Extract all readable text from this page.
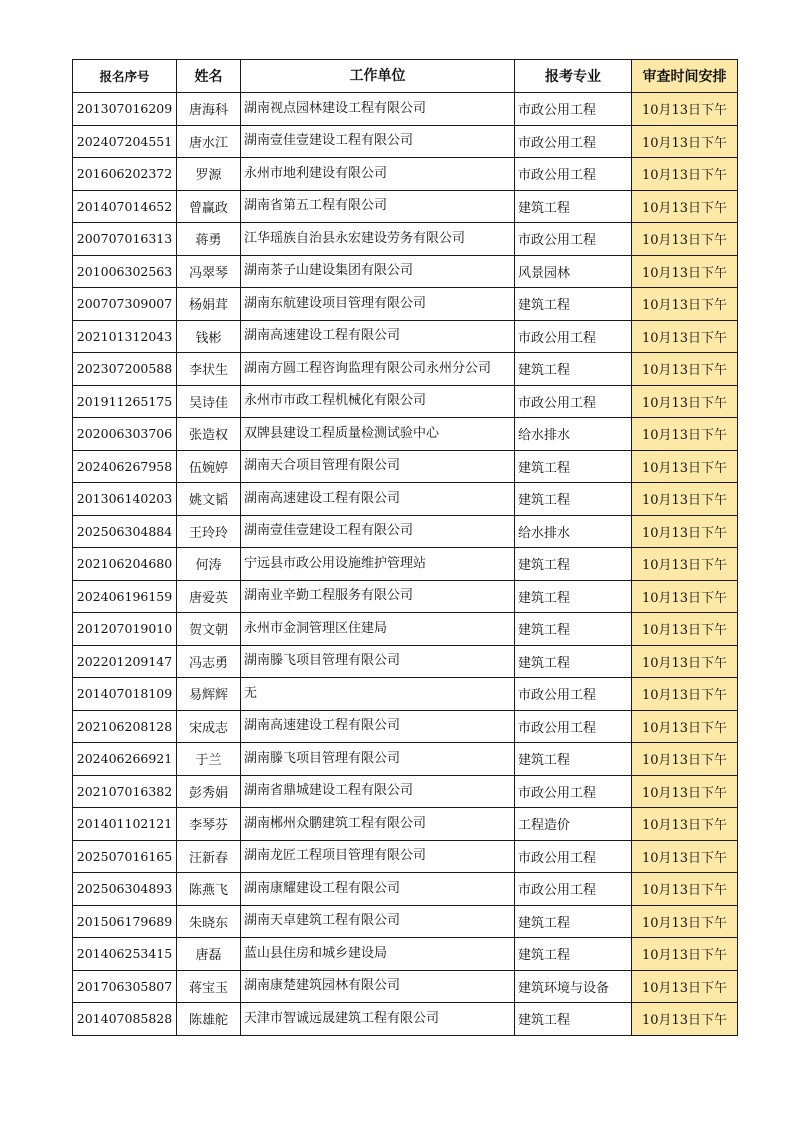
报名序号	姓名	工作单位	报考专业	审查时间安排
201307016209	唐海科	湖南视点园林建设工程有限公司	市政公用工程	10月13日下午
202407204551	唐水江	湖南壹佳壹建设工程有限公司	市政公用工程	10月13日下午
201606202372	罗源	永州市地利建设有限公司	市政公用工程	10月13日下午
201407014652	曾赢政	湖南省第五工程有限公司	建筑工程	10月13日下午
200707016313	蒋勇	江华瑶族自治县永宏建设劳务有限公司	市政公用工程	10月13日下午
201006302563	冯翠琴	湖南茶子山建设集团有限公司	风景园林	10月13日下午
200707309007	杨娟茸	湖南东航建设项目管理有限公司	建筑工程	10月13日下午
202101312043	钱彬	湖南高速建设工程有限公司	市政公用工程	10月13日下午
202307200588	李状生	湖南方圆工程咨询监理有限公司永州分公司	建筑工程	10月13日下午
201911265175	吴诗佳	永州市市政工程机械化有限公司	市政公用工程	10月13日下午
202006303706	张造权	双牌县建设工程质量检测试验中心	给水排水	10月13日下午
202406267958	伍婉婷	湖南天合项目管理有限公司	建筑工程	10月13日下午
201306140203	姚文韬	湖南高速建设工程有限公司	建筑工程	10月13日下午
202506304884	王玲玲	湖南壹佳壹建设工程有限公司	给水排水	10月13日下午
202106204680	何涛	宁远县市政公用设施维护管理站	建筑工程	10月13日下午
202406196159	唐爱英	湖南业辛勤工程服务有限公司	建筑工程	10月13日下午
201207019010	贺文朝	永州市金洞管理区住建局	建筑工程	10月13日下午
202201209147	冯志勇	湖南滕飞项目管理有限公司	建筑工程	10月13日下午
201407018109	易辉辉	无	市政公用工程	10月13日下午
202106208128	宋成志	湖南高速建设工程有限公司	市政公用工程	10月13日下午
202406266921	于兰	湖南滕飞项目管理有限公司	建筑工程	10月13日下午
202107016382	彭秀娟	湖南省鼎城建设工程有限公司	市政公用工程	10月13日下午
201401102121	李琴芬	湖南郴州众鹏建筑工程有限公司	工程造价	10月13日下午
202507016165	汪新春	湖南龙匠工程项目管理有限公司	市政公用工程	10月13日下午
202506304893	陈燕飞	湖南康耀建设工程有限公司	市政公用工程	10月13日下午
201506179689	朱晓东	湖南天卓建筑工程有限公司	建筑工程	10月13日下午
201406253415	唐磊	蓝山县住房和城乡建设局	建筑工程	10月13日下午
201706305807	蒋宝玉	湖南康楚建筑园林有限公司	建筑环境与设备	10月13日下午
201407085828	陈雄舵	天津市智诚远晟建筑工程有限公司	建筑工程	10月13日下午
